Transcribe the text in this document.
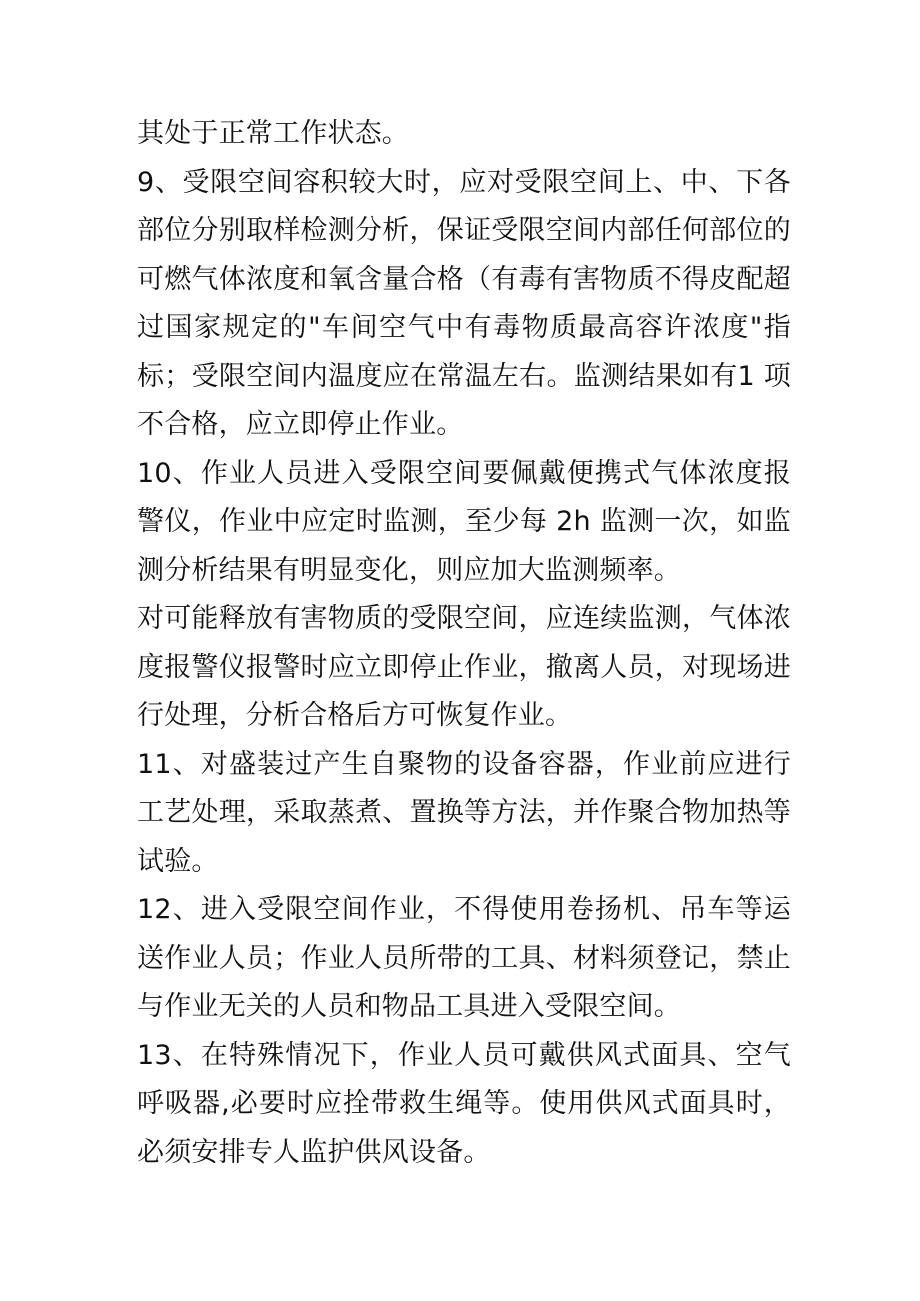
其处于正常工作状态。

9、受限空间容积较大时，应对受限空间上、中、下各部位分别取样检测分析，保证受限空间内部任何部位的可燃气体浓度和氧含量合格（有毒有害物质不得皮配超过国家规定的"车间空气中有毒物质最高容许浓度"指标；受限空间内温度应在常温左右。监测结果如有1 项不合格，应立即停止作业。

10、作业人员进入受限空间要佩戴便携式气体浓度报警仪，作业中应定时监测，至少每 2h 监测一次，如监测分析结果有明显变化，则应加大监测频率。

对可能释放有害物质的受限空间，应连续监测，气体浓度报警仪报警时应立即停止作业，撤离人员，对现场进行处理，分析合格后方可恢复作业。

11、对盛装过产生自聚物的设备容器，作业前应进行工艺处理，采取蒸煮、置换等方法，并作聚合物加热等试验。

12、进入受限空间作业，不得使用卷扬机、吊车等运送作业人员；作业人员所带的工具、材料须登记，禁止与作业无关的人员和物品工具进入受限空间。

13、在特殊情况下，作业人员可戴供风式面具、空气呼吸器,必要时应拴带救生绳等。使用供风式面具时，必须安排专人监护供风设备。
